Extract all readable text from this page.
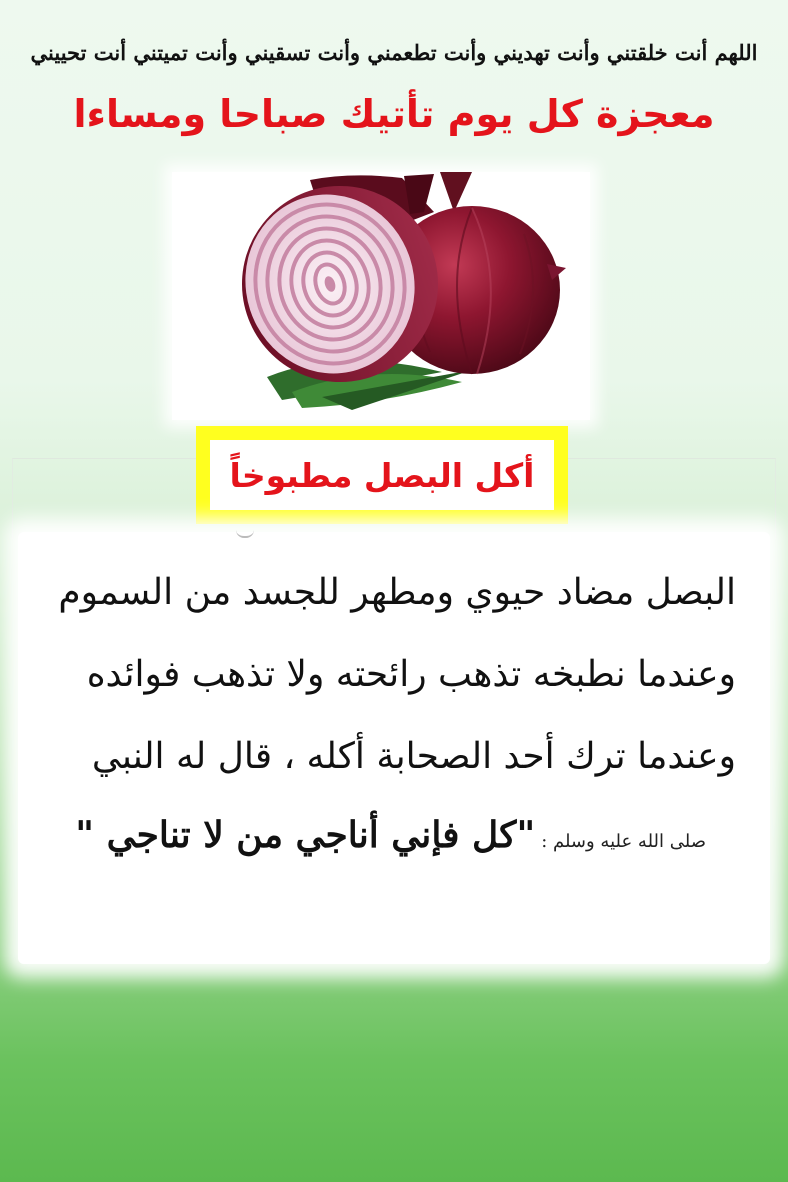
اللهم أنت خلقتني وأنت تهديني وأنت تطعمني وأنت تسقيني وأنت تميتني أنت تحييني
معجزة كل يوم تأتيك صباحا ومساءا
أكل البصل مطبوخاً
البصل مضاد حيوي ومطهر للجسد من السموم
وعندما نطبخه تذهب رائحته ولا تذهب فوائده
وعندما ترك أحد الصحابة أكله ، قال له النبي
صلى الله عليه وسلم :
"كل فإني أناجي من لا تناجي "
